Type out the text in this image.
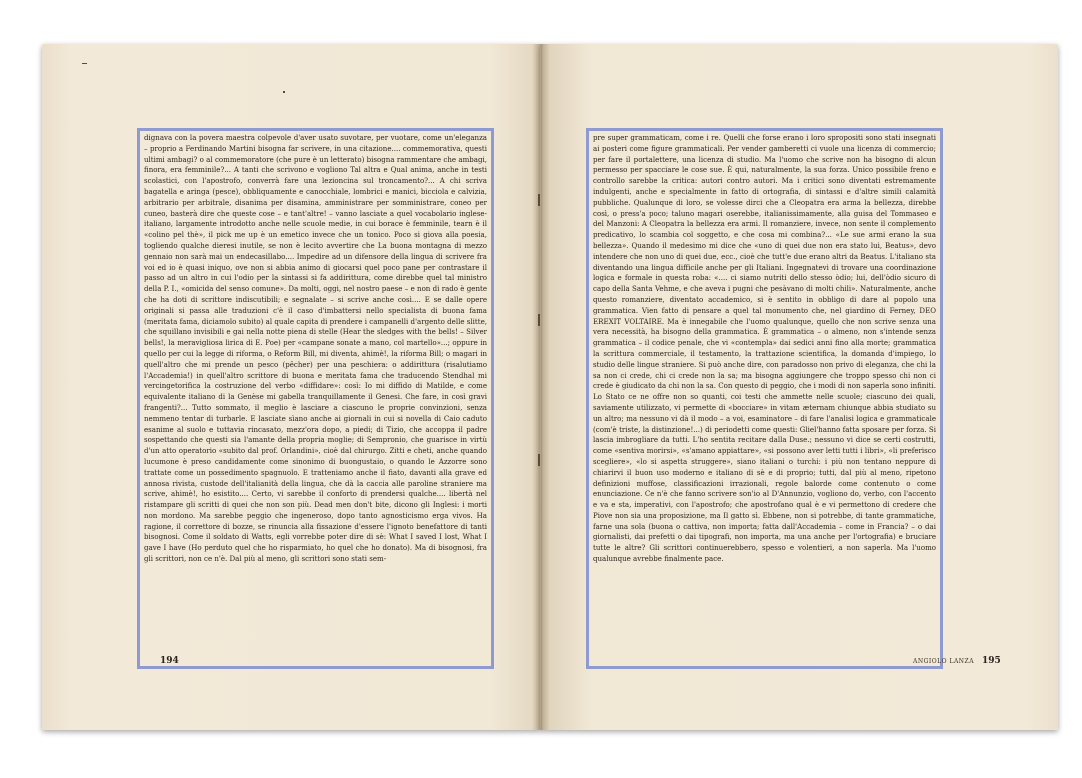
dignava con la povera maestra colpevole d'aver usato suvotare, per vuotare, come un'eleganza – proprio a Ferdinando Martini bisogna far scrivere, in una citazione.... commemorativa, questi ultimi ambagi? o al commemoratore (che pure è un letterato) bisogna rammentare che ambagi, finora, era femminile?... A tanti che scrivono e vogliono Tal altra e Qual anima, anche in testi scolastici, con l'apostrofo, converrà fare una lezioncina sul troncamento?... A chi scriva bagatella e aringa (pesce), obbliquamente e canocchiale, lombrici e manici, bicciola e calvizia, arbitrario per arbitrale, disanima per disamina, amministrare per somministrare, coneo per cuneo, basterà dire che queste cose – e tant'altre! – vanno lasciate a quel vocabolario inglese-italiano, largamente introdotto anche nelle scuole medie, in cui borace è femminile, tearn è il «colino pel thè», il pick me up è un emetico invece che un tonico. Poco si giova alla poesia, togliendo qualche dieresi inutile, se non è lecito avvertire che La buona montagna di mezzo gennaio non sarà mai un endecasillabo.... Impedire ad un difensore della lingua di scrivere fra voi ed io è quasi iniquo, ove non si abbia animo di giocarsi quel poco pane per contrastare il passo ad un altro in cui l'odio per la sintassi si fa addirittura, come direbbe quel tal ministro della P. I., «omicida del senso comune». Da molti, oggi, nel nostro paese – e non di rado è gente che ha doti di scrittore indiscutibili; e segnalate – si scrive anche così.... E se dalle opere originali si passa alle traduzioni c'è il caso d'imbattersi nello specialista di buona fama (meritata fama, diciamolo subito) al quale capita di prendere i campanelli d'argento delle slitte, che squillano invisibili e gai nella notte piena di stelle (Hear the sledges with the bells! – Silver bells!, la meravigliosa lirica di E. Poe) per «campane sonate a mano, col martello»...; oppure in quello per cui la legge di riforma, o Reform Bill, mi diventa, ahimè!, la riforma Bill; o magari in quell'altro che mi prende un pesco (pêcher) per una peschiera: o addirittura (risalutiamo l'Accademia!) in quell'altro scrittore di buona e meritata fama che traducendo Stendhal mi vercingetorifica la costruzione del verbo «diffidare»: così: Io mi diffido di Matilde, e come equivalente italiano di la Genèse mi gabella tranquillamente il Genesi. Che fare, in così gravi frangenti?... Tutto sommato, il meglio è lasciare a ciascuno le proprie convinzioni, senza nemmeno tentar di turbarle. E lasciate sìano anche ai giornali in cui si novella di Caio caduto esanime al suolo e tuttavia rincasato, mezz'ora dopo, a piedi; di Tizio, che accoppa il padre sospettando che questi sia l'amante della propria moglie; di Sempronio, che guarisce in virtù d'un atto operatorio «subito dal prof. Orlandini», cioè dal chirurgo. Zitti e cheti, anche quando lucumone è preso candidamente come sinonimo di buongustaio, o quando le Azzorre sono trattate come un possedimento spagnuolo. E tratteniamo anche il fiato, davanti alla grave ed annosa rivista, custode dell'italianità della lingua, che dà la caccia alle paroline straniere ma scrive, ahimè!, ho esistito.... Certo, vi sarebbe il conforto di prendersi qualche.... libertà nel ristampare gli scritti di quei che non son più. Dead men don't bite, dicono gli Inglesi: i morti non mordono. Ma sarebbe peggio che ingeneroso, dopo tanto agnosticismo erga vivos. Ha ragione, il correttore di bozze, se rinuncia alla fissazione d'essere l'ignoto benefattore di tanti bisognosi. Come il soldato di Watts, egli vorrebbe poter dire di sè: What I saved I lost, What I gave I have (Ho perduto quel che ho risparmiato, ho quel che ho donato). Ma di bisognosi, fra gli scrittori, non ce n'è. Dal più al meno, gli scrittori sono stati sem-

pre super grammaticam, come i re. Quelli che forse erano i loro spropositi sono stati insegnati ai posteri come figure grammaticali. Per vender gamberetti ci vuole una licenza di commercio; per fare il portalettere, una licenza di studio. Ma l'uomo che scrive non ha bisogno di alcun permesso per spacciare le cose sue. È qui, naturalmente, la sua forza. Unico possibile freno e controllo sarebbe la critica: autori contro autori. Ma i critici sono diventati estremamente indulgenti, anche e specialmente in fatto di ortografia, di sintassi e d'altre simili calamità pubbliche. Qualunque di loro, se volesse dirci che a Cleopatra era arma la bellezza, direbbe così, o press'a poco; taluno magari oserebbe, italianissimamente, alla guisa del Tommaseo e del Manzoni: A Cleopatra la bellezza era armi. Il romanziere, invece, non sente il complemento predicativo, lo scambia col soggetto, e che cosa mi combina?... «Le sue armi erano la sua bellezza». Quando il medesimo mi dice che «uno di quei due non era stato lui, Beatus», devo intendere che non uno di quei due, ecc., cioè che tutt'e due erano altri da Beatus. L'italiano sta diventando una lingua difficile anche per gli Italiani. Ingegnatevi di trovare una coordinazione logica e formale in questa roba: «.... ci siamo nutriti dello stesso òdio; lui, dell'òdio sicuro di capo della Santa Vehme, e che aveva i pugni che pesàvano di molti chili». Naturalmente, anche questo romanziere, diventato accademico, si è sentito in obbligo di dare al popolo una grammatica. Vien fatto di pensare a quel tal monumento che, nel giardino di Ferney, DEO EREXIT VOLTAIRE. Ma è innegabile che l'uomo qualunque, quello che non scrive senza una vera necessità, ha bisogno della grammatica. È grammatica – o almeno, non s'intende senza grammatica – il codice penale, che vi «contempla» dai sedici anni fino alla morte; grammatica la scrittura commerciale, il testamento, la trattazione scientifica, la domanda d'impiego, lo studio delle lingue straniere. Si può anche dire, con paradosso non privo di eleganza, che chi la sa non ci crede, chi ci crede non la sa; ma bisogna aggiungere che troppo spesso chi non ci crede è giudicato da chi non la sa. Con questo di peggio, che i modi di non saperla sono infiniti. Lo Stato ce ne offre non so quanti, coi testi che ammette nelle scuole; ciascuno dei quali, saviamente utilizzato, vi permette di «bocciare» in vitam æternam chiunque abbia studiato su un altro; ma nessuno vi dà il modo – a voi, esaminatore – di fare l'analisi logica e grammaticale (com'è triste, la distinzione!...) di periodetti come questi: Gliel'hanno fatta sposare per forza. Si lascia imbrogliare da tutti. L'ho sentita recitare dalla Duse.; nessuno vi dice se certi costrutti, come «sentiva morirsi», «s'amano appiattare», «si possono aver letti tutti i libri», «li preferisco scegliere», «lo si aspetta struggere», siano italiani o turchi: i più non tentano neppure di chiarirvi il buon uso moderno e italiano di sè e di proprio; tutti, dal più al meno, ripetono definizioni muffose, classificazioni irrazionali, regole balorde come contenuto o come enunciazione. Ce n'è che fanno scrivere son'io al D'Annunzio, vogliono do, verbo, con l'accento e va e sta, imperativi, con l'apostrofo; che apostrofano qual è e vi permettono di credere che Piove non sia una proposizione, ma Il gatto sì. Ebbene, non si potrebbe, di tante grammatiche, farne una sola (buona o cattiva, non importa; fatta dall'Accademia – come in Francia? – o dai giornalisti, dai prefetti o dai tipografi, non importa, ma una anche per l'ortografia) e bruciare tutte le altre? Gli scrittori continuerebbero, spesso e volentieri, a non saperla. Ma l'uomo qualunque avrebbe finalmente pace.

194	195
ANGIOLO LANZA
